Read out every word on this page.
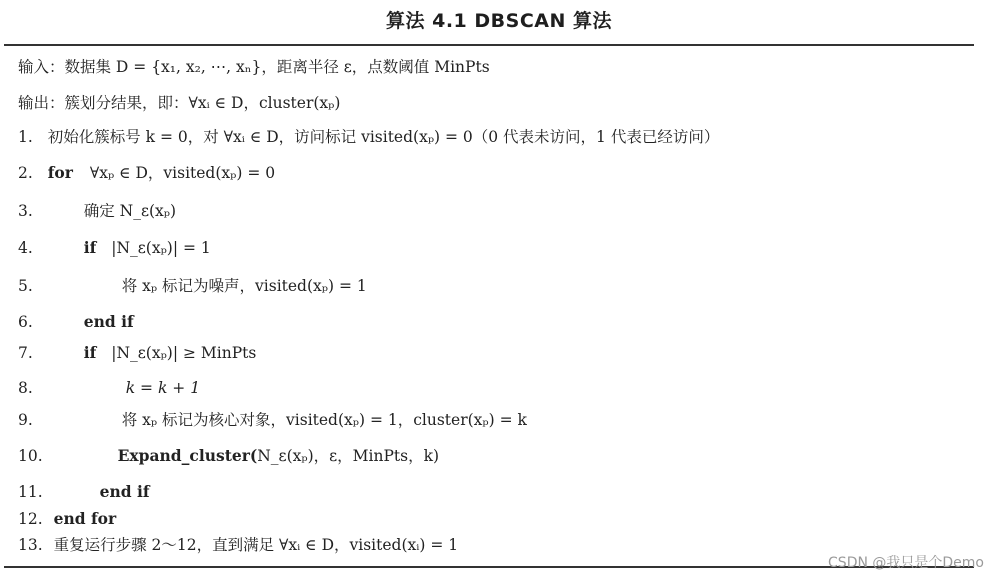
算法 4.1 DBSCAN 算法
输入：数据集 D = {x₁, x₂, ⋯, xₙ}，距离半径 ε，点数阈值 MinPts
输出：簇划分结果，即：∀xᵢ ∈ D，cluster(xₚ)
1. 初始化簇标号 k = 0，对 ∀xᵢ ∈ D，访问标记 visited(xₚ) = 0（0 代表未访问，1 代表已经访问）
2. for ∀xₚ ∈ D，visited(xₚ) = 0
3.	确定 N_ε(xₚ)
4.	if |N_ε(xₚ)| = 1
5.	将 xₚ 标记为噪声，visited(xₚ) = 1
6.	end if
7.	if |N_ε(xₚ)| ≥ MinPts
8.	k = k + 1
9.	将 xₚ 标记为核心对象，visited(xₚ) = 1，cluster(xₚ) = k
10.	Expand_cluster(N_ε(xₚ)，ε，MinPts，k)
11.	end if
12. end for
13. 重复运行步骤 2～12，直到满足 ∀xᵢ ∈ D，visited(xᵢ) = 1
CSDN @我只是个Demo
